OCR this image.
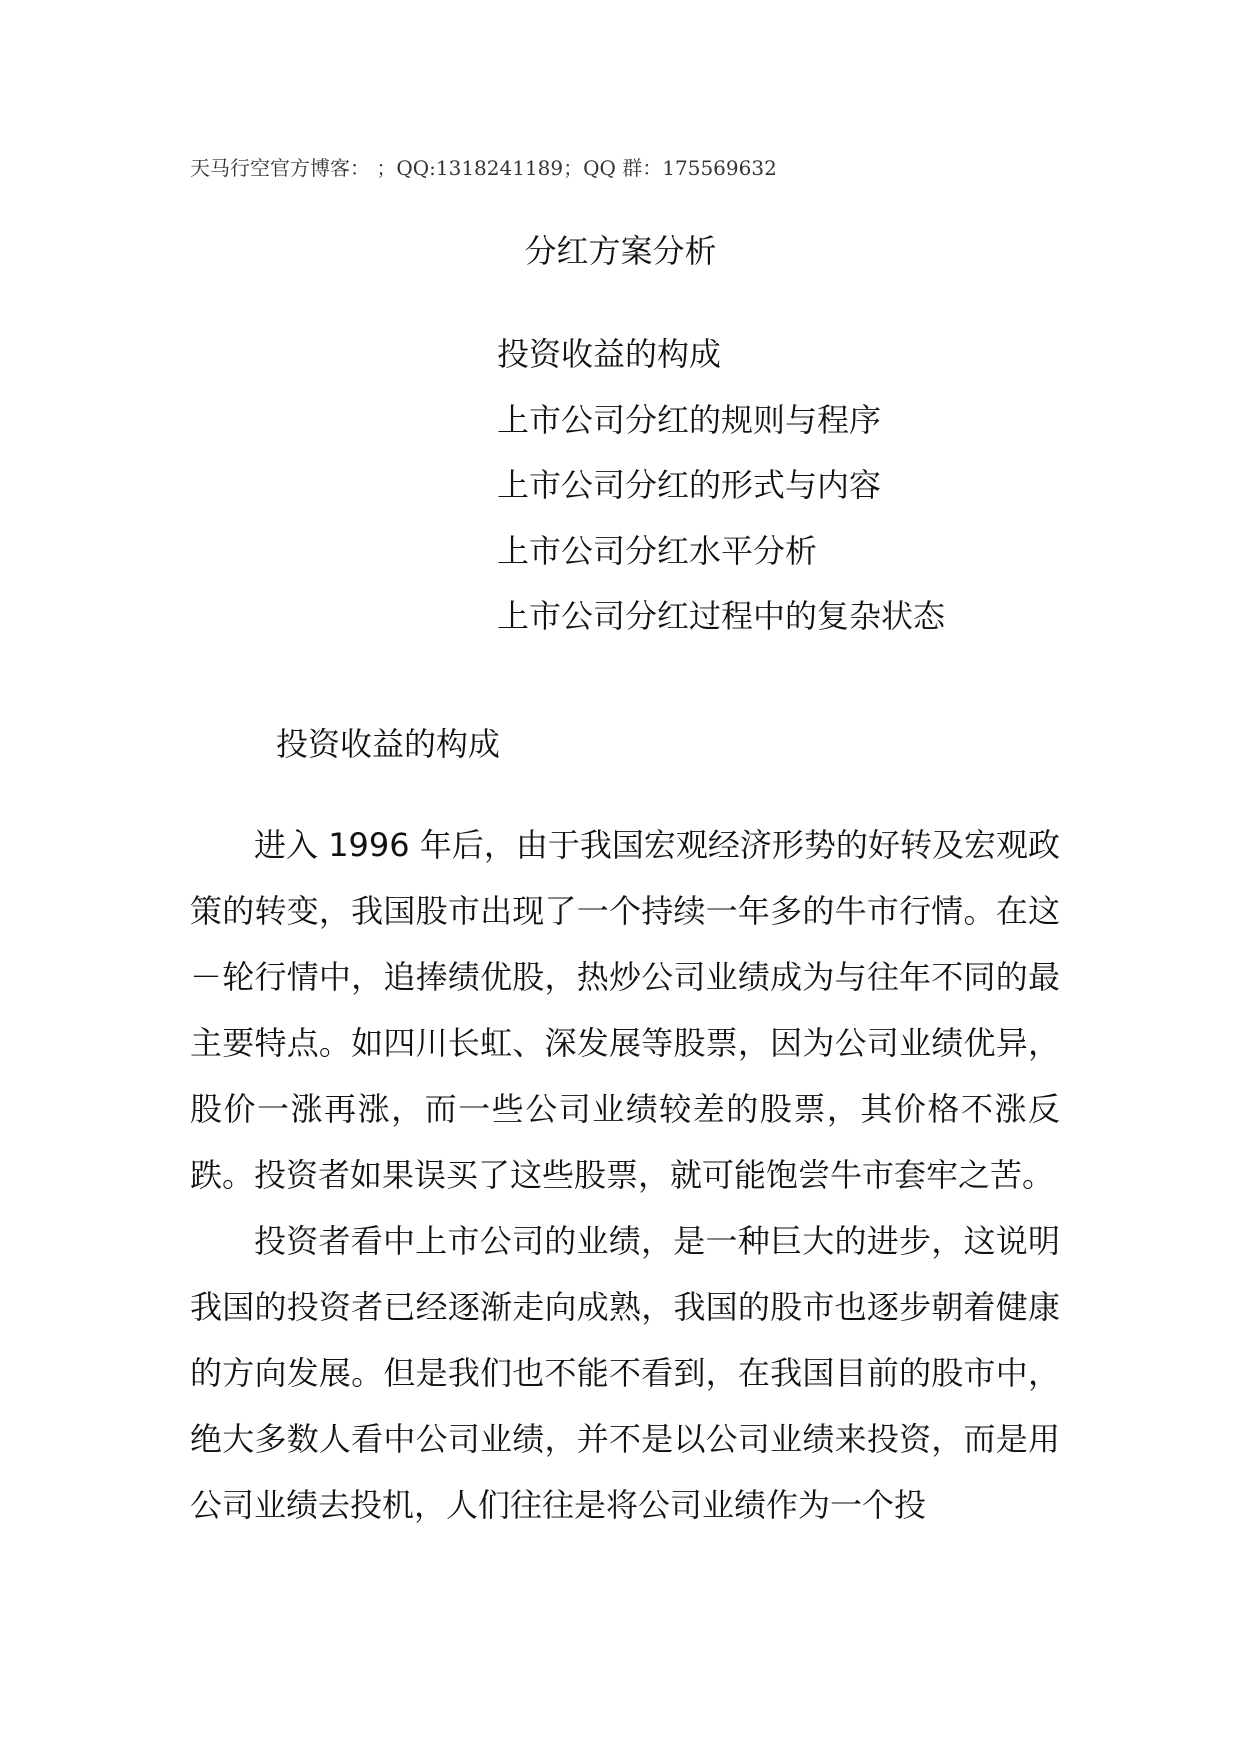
天马行空官方博客： ；QQ:1318241189；QQ 群：175569632
分红方案分析
投资收益的构成
上市公司分红的规则与程序
上市公司分红的形式与内容
上市公司分红水平分析
上市公司分红过程中的复杂状态
投资收益的构成

进入 1996 年后，由于我国宏观经济形势的好转及宏观政策的转变，我国股市出现了一个持续一年多的牛市行情。在这－轮行情中，追捧绩优股，热炒公司业绩成为与往年不同的最主要特点。如四川长虹、深发展等股票，因为公司业绩优异，股价一涨再涨，而一些公司业绩较差的股票，其价格不涨反跌。投资者如果误买了这些股票，就可能饱尝牛市套牢之苦。

投资者看中上市公司的业绩，是一种巨大的进步，这说明我国的投资者已经逐渐走向成熟，我国的股市也逐步朝着健康的方向发展。但是我们也不能不看到，在我国目前的股市中，绝大多数人看中公司业绩，并不是以公司业绩来投资，而是用公司业绩去投机，人们往往是将公司业绩作为一个投
